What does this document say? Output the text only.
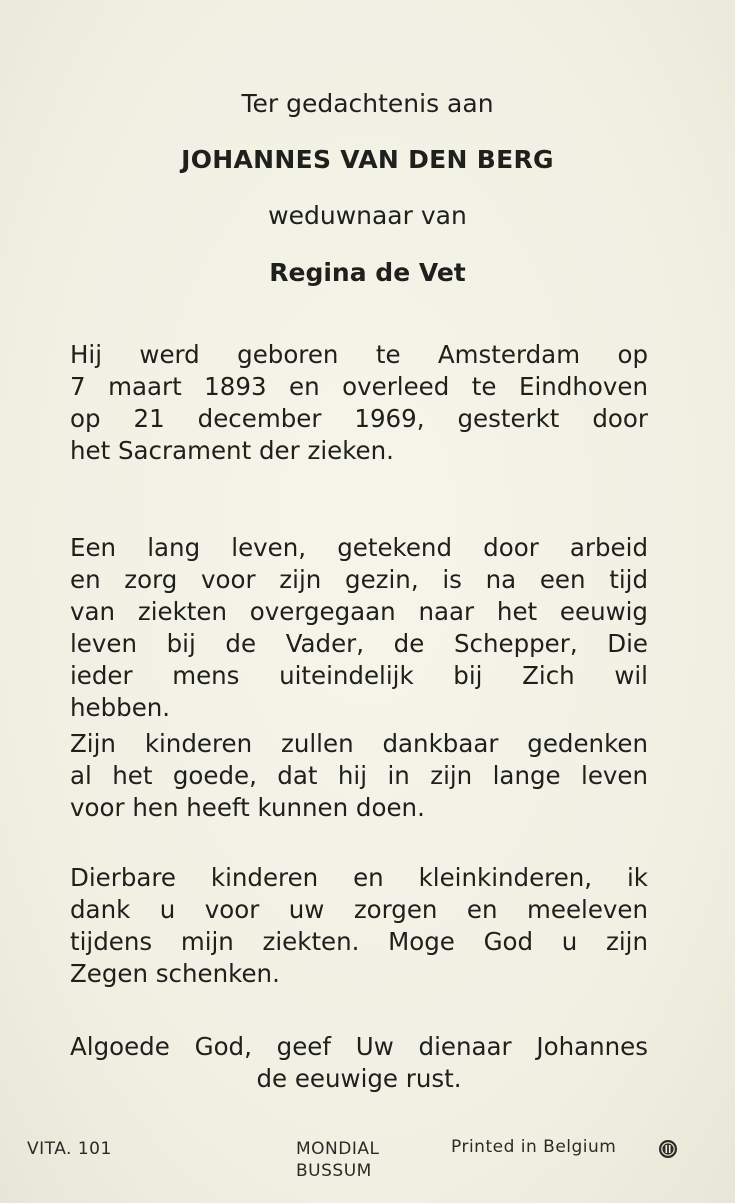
Ter gedachtenis aan
JOHANNES VAN DEN BERG
weduwnaar van
Regina de Vet
Hij werd geboren te Amsterdam op
7 maart 1893 en overleed te Eindhoven
op 21 december 1969, gesterkt door
het Sacrament der zieken.
Een lang leven, getekend door arbeid
en zorg voor zijn gezin, is na een tijd
van ziekten overgegaan naar het eeuwig
leven bij de Vader, de Schepper, Die
ieder mens uiteindelijk bij Zich wil
hebben.
Zijn kinderen zullen dankbaar gedenken
al het goede, dat hij in zijn lange leven
voor hen heeft kunnen doen.
Dierbare kinderen en kleinkinderen, ik
dank u voor uw zorgen en meeleven
tijdens mijn ziekten. Moge God u zijn
Zegen schenken.
Algoede God, geef Uw dienaar Johannes
de eeuwige rust.
VITA. 101	MONDIAL
BUSSUM
Printed in Belgium
